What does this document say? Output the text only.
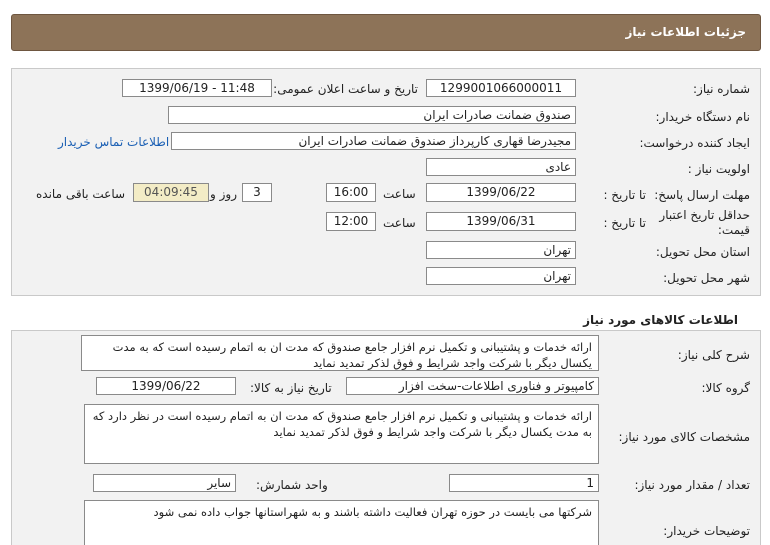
جزئیات اطلاعات نیاز
شماره نیاز:
1299001066000011
تاریخ و ساعت اعلان عمومی:
1399/06/19 - 11:48
نام دستگاه خریدار:
صندوق ضمانت صادرات ایران
ایجاد کننده درخواست:
مجیدرضا قهاری کارپرداز صندوق ضمانت صادرات ایران
اطلاعات تماس خریدار
اولویت نیاز :
عادی
مهلت ارسال پاسخ:
تا تاریخ :
1399/06/22
ساعت
16:00
3
روز و
04:09:45
ساعت باقی مانده
حداقل تاریخ اعتبار قیمت:
تا تاریخ :
1399/06/31
ساعت
12:00
استان محل تحویل:
تهران
شهر محل تحویل:
تهران
اطلاعات کالاهای مورد نیاز
شرح کلی نیاز:
ارائه خدمات و پشتیبانی و تکمیل نرم افزار جامع صندوق که مدت ان به اتمام رسیده است که به مدت یکسال دیگر با شرکت واجد شرایط و فوق لذکر تمدید نماید
گروه کالا:
کامپیوتر و فناوری اطلاعات-سخت افزار
تاریخ نیاز به کالا:
1399/06/22
مشخصات کالای مورد نیاز:
ارائه خدمات و پشتیبانی و تکمیل نرم افزار جامع صندوق که مدت ان به اتمام رسیده است در نظر دارد که به مدت یکسال دیگر با شرکت واجد شرایط و فوق لذکر تمدید نماید
تعداد / مقدار مورد نیاز:
1
واحد شمارش:
سایر
توضیحات خریدار:
شرکتها می بایست در حوزه تهران فعالیت داشته باشند و به شهراستانها جواب داده نمی شود
